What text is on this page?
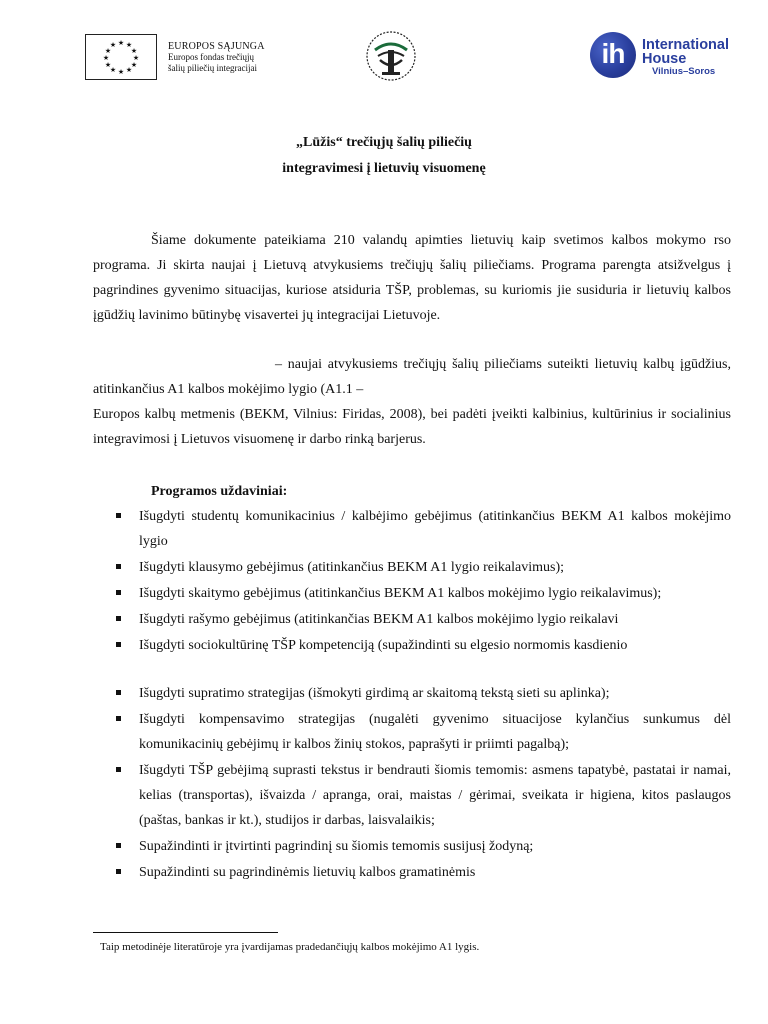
★ ★
★
★
★
★
★
★
★
★
★
★	EUROPOS SĄJUNGA
Europos fondas trečiųjų
šalių piliečių integracijai	ih	International
House
Vilnius–Soros
„Lūžis“ trečiųjų šalių piliečių
integravimesi į lietuvių visuomenę
Šiame dokumente pateikiama 210 valandų apimties lietuvių kaip svetimos kalbos mokymo rso programa. Ji skirta naujai į Lietuvą atvykusiems trečiųjų šalių piliečiams. Programa parengta atsižvelgus į pagrindines gyvenimo situacijas, kuriose atsiduria TŠP, problemas, su kuriomis jie susiduria ir lietuvių kalbos įgūdžių lavinimo būtinybę visavertei jų integracijai Lietuvoje.
– naujai atvykusiems trečiųjų šalių piliečiams suteikti lietuvių kalbų įgūdžius, atitinkančius A1 kalbos mokėjimo lygio (A1.1 –
Europos kalbų metmenis (BEKM, Vilnius: Firidas, 2008), bei padėti įveikti kalbinius, kultūrinius ir socialinius integravimosi į Lietuvos visuomenę ir darbo rinką barjerus.
Programos uždaviniai:
Išugdyti studentų komunikacinius / kalbėjimo gebėjimus (atitinkančius BEKM A1 kalbos mokėjimo lygio
Išugdyti klausymo gebėjimus (atitinkančius BEKM A1 lygio reikalavimus);
Išugdyti skaitymo gebėjimus (atitinkančius BEKM A1 kalbos mokėjimo lygio reikalavimus);
Išugdyti rašymo gebėjimus (atitinkančias BEKM A1 kalbos mokėjimo lygio reikalavi
Išugdyti sociokultūrinę TŠP kompetenciją (supažindinti su elgesio normomis kasdienio
Išugdyti supratimo strategijas (išmokyti girdimą ar skaitomą tekstą sieti su aplinka);
Išugdyti kompensavimo strategijas (nugalėti gyvenimo situacijose kylančius sunkumus dėl komunikacinių gebėjimų ir kalbos žinių stokos, paprašyti ir priimti pagalbą);
Išugdyti TŠP gebėjimą suprasti tekstus ir bendrauti šiomis temomis: asmens tapatybė, pastatai ir namai, kelias (transportas), išvaizda / apranga, orai, maistas / gėrimai, sveikata ir higiena, kitos paslaugos (paštas, bankas ir kt.), studijos ir darbas, laisvalaikis;
Supažindinti ir įtvirtinti pagrindinį su šiomis temomis susijusį žodyną;
Supažindinti su pagrindinėmis lietuvių kalbos gramatinėmis
Taip metodinėje literatūroje yra įvardijamas pradedančiųjų kalbos mokėjimo A1 lygis.
